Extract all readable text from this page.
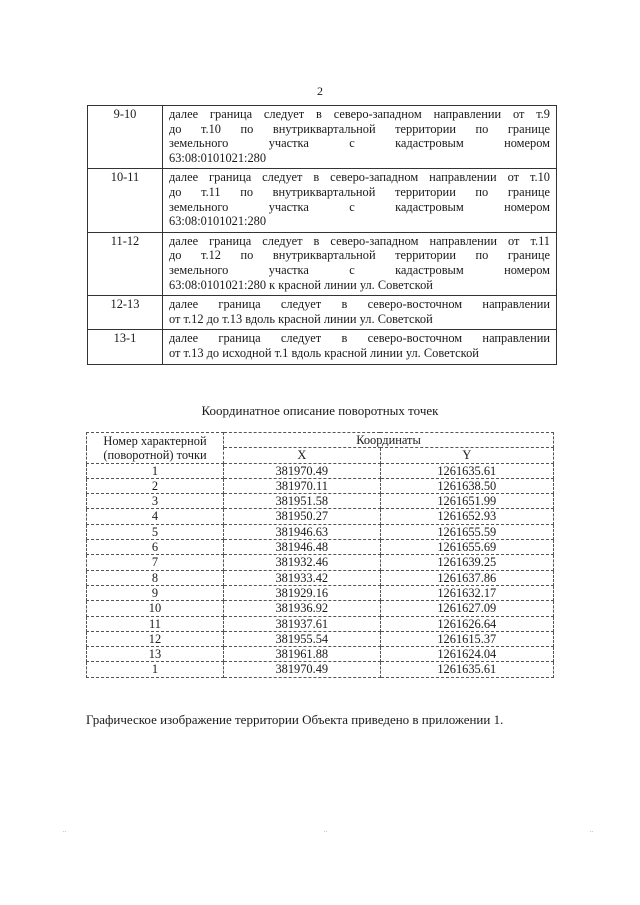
2
9-10	далее граница следует в северо-западном направлении от т.9
до т.10 по внутриквартальной территории по границе
земельного участка с кадастровым номером
63:08:0101021:280

10-11	далее граница следует в северо-западном направлении от т.10
до т.11 по внутриквартальной территории по границе
земельного участка с кадастровым номером
63:08:0101021:280

11-12	далее граница следует в северо-западном направлении от т.11
до т.12 по внутриквартальной территории по границе
земельного участка с кадастровым номером
63:08:0101021:280 к красной линии ул. Советской

12-13	далее граница следует в северо-восточном направлении
от т.12 до т.13 вдоль красной линии ул. Советской

13-1	далее граница следует в северо-восточном направлении
от т.13 до исходной т.1 вдоль красной линии ул. Советской
Координатное описание поворотных точек
Номер характерной (поворотной) точки	Координаты	
	X	Y
1	381970.49	1261635.61
2	381970.11	1261638.50
3	381951.58	1261651.99
4	381950.27	1261652.93
5	381946.63	1261655.59
6	381946.48	1261655.69
7	381932.46	1261639.25
8	381933.42	1261637.86
9	381929.16	1261632.17
10	381936.92	1261627.09
11	381937.61	1261626.64
12	381955.54	1261615.37
13	381961.88	1261624.04
1	381970.49	1261635.61
Графическое изображение территории Объекта приведено в приложении 1.
..	..	..
